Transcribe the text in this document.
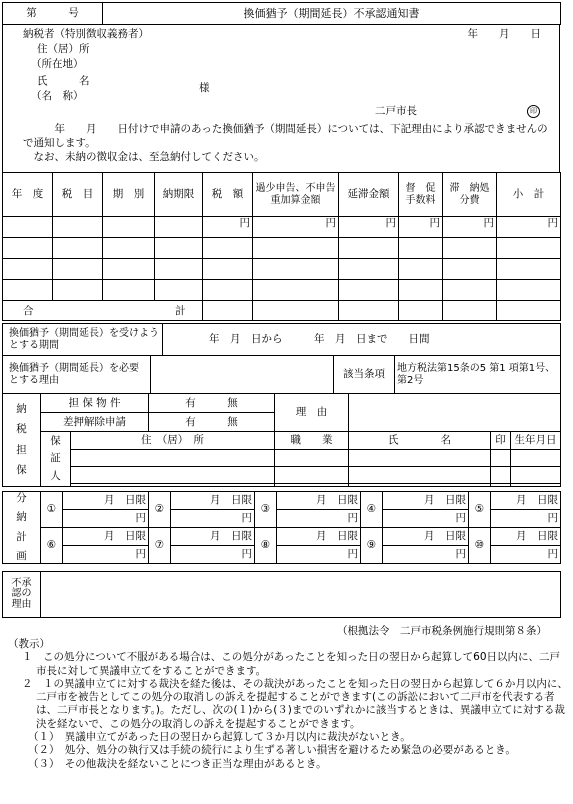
第　　　号	換価猶予（期間延長）不承認通知書
納税者（特別徴収義務者）	年　　月　　日
住（居）所
（所在地）
氏　　　名
（名　称）
様
二戸市長	印
　　　年　　月　　日付けで申請のあった換価猶予（期間延長）については、下記理由により承認できませんので通知します。
　なお、未納の徴収金は、至急納付してください。
年　度	税　目	期　別	納期限	税　額	過少申告、不申告重加算金額	延滞金額	督　促手数料	滞　納処分費	小　計
				円	円	円	円	円	円

合 計									

換価猶予（期間延長）を受けようとする期間	年　月　日から　　　年　月　日まで　　日間
換価猶予（期間延長）を必要とする理由		該当条項	地方税法第15条の5 第1 項第1号、第2号
納
税
担
保	担 保 物 件		有　　　無	理　由			
	差押解除申請		有　　　無				

	保
証
人	住　（居）　所		職　　業	氏　　　　名	印	生年月日

分
納
計
画	①	月　日限	②	月　日限	③	月　日限	④	月　日限	⑤	月　日限
		円		円		円		円		円
	⑥	月　日限	⑦	月　日限	⑧	月　日限	⑨	月　日限	⑩	月　日限
		円		円		円		円		円
不承
認の
理由

（根拠法令　二戸市税条例施行規則第８条）
（教示）
１　この処分について不服がある場合は、この処分があったことを知った日の翌日から起算して60日以内に、二戸市長に対して異議申立てをすることができます。
２　１の異議申立てに対する裁決を経た後は、その裁決があったことを知った日の翌日から起算して６か月以内に、二戸市を被告としてこの処分の取消しの訴えを提起することができます(この訴訟において二戸市を代表する者は、二戸市長となります。)。ただし、次の(１)から(３)までのいずれかに該当するときは、異議申立てに対する裁決を経ないで、この処分の取消しの訴えを提起することができます。
（１）　異議申立てがあった日の翌日から起算して３か月以内に裁決がないとき。
（２）　処分、処分の執行又は手続の続行により生ずる著しい損害を避けるため緊急の必要があるとき。
（３）　その他裁決を経ないことにつき正当な理由があるとき。
